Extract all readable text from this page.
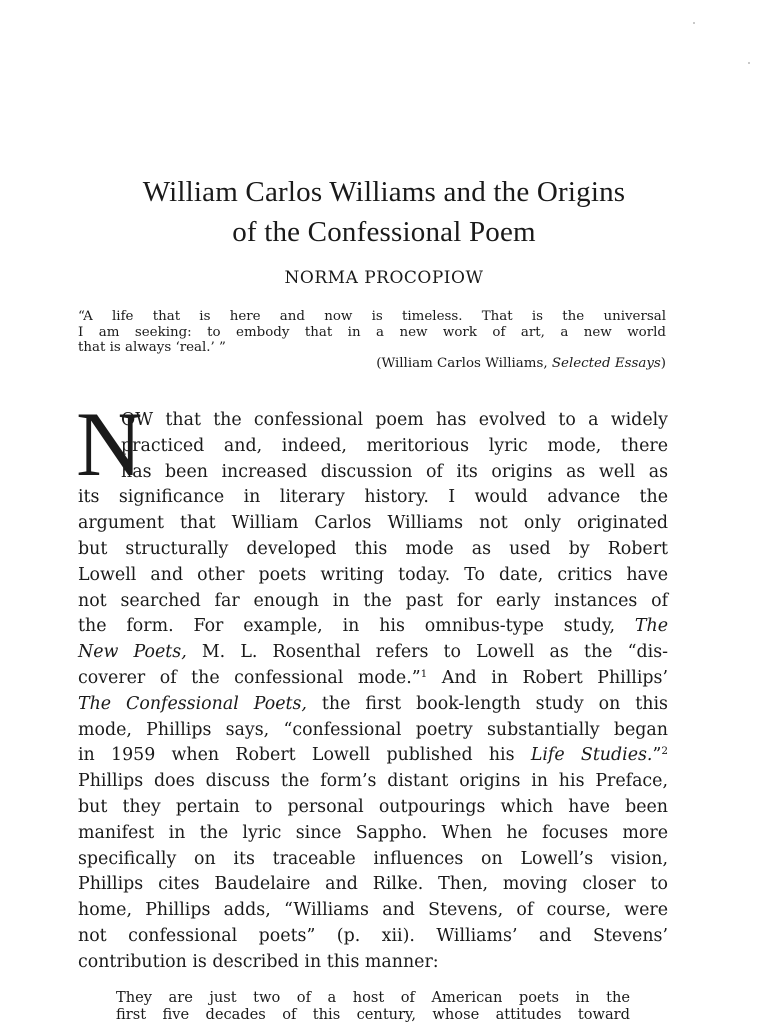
William Carlos Williams and the Origins
of the Confessional Poem
NORMA PROCOPIOW
“A life that is here and now is timeless. That is the universal
I am seeking: to embody that in a new work of art, a new world
that is always ‘real.’ ”
(William Carlos Williams, Selected Essays)
N
OW that the confessional poem has evolved to a widely
practiced and, indeed, meritorious lyric mode, there
has been increased discussion of its origins as well as
its significance in literary history. I would advance the
argument that William Carlos Williams not only originated
but structurally developed this mode as used by Robert
Lowell and other poets writing today. To date, critics have
not searched far enough in the past for early instances of
the form. For example, in his omnibus-type study, The
New Poets, M. L. Rosenthal refers to Lowell as the “dis-
coverer of the confessional mode.”$^1$ And in Robert Phillips’
The Confessional Poets, the first book-length study on this
mode, Phillips says, “confessional poetry substantially began
in 1959 when Robert Lowell published his Life Studies.”$^2$
Phillips does discuss the form’s distant origins in his Preface,
but they pertain to personal outpourings which have been
manifest in the lyric since Sappho. When he focuses more
specifically on its traceable influences on Lowell’s vision,
Phillips cites Baudelaire and Rilke. Then, moving closer to
home, Phillips adds, “Williams and Stevens, of course, were
not confessional poets” (p. xii). Williams’ and Stevens’
contribution is described in this manner:
They are just two of a host of American poets in the
first five decades of this century, whose attitudes toward
